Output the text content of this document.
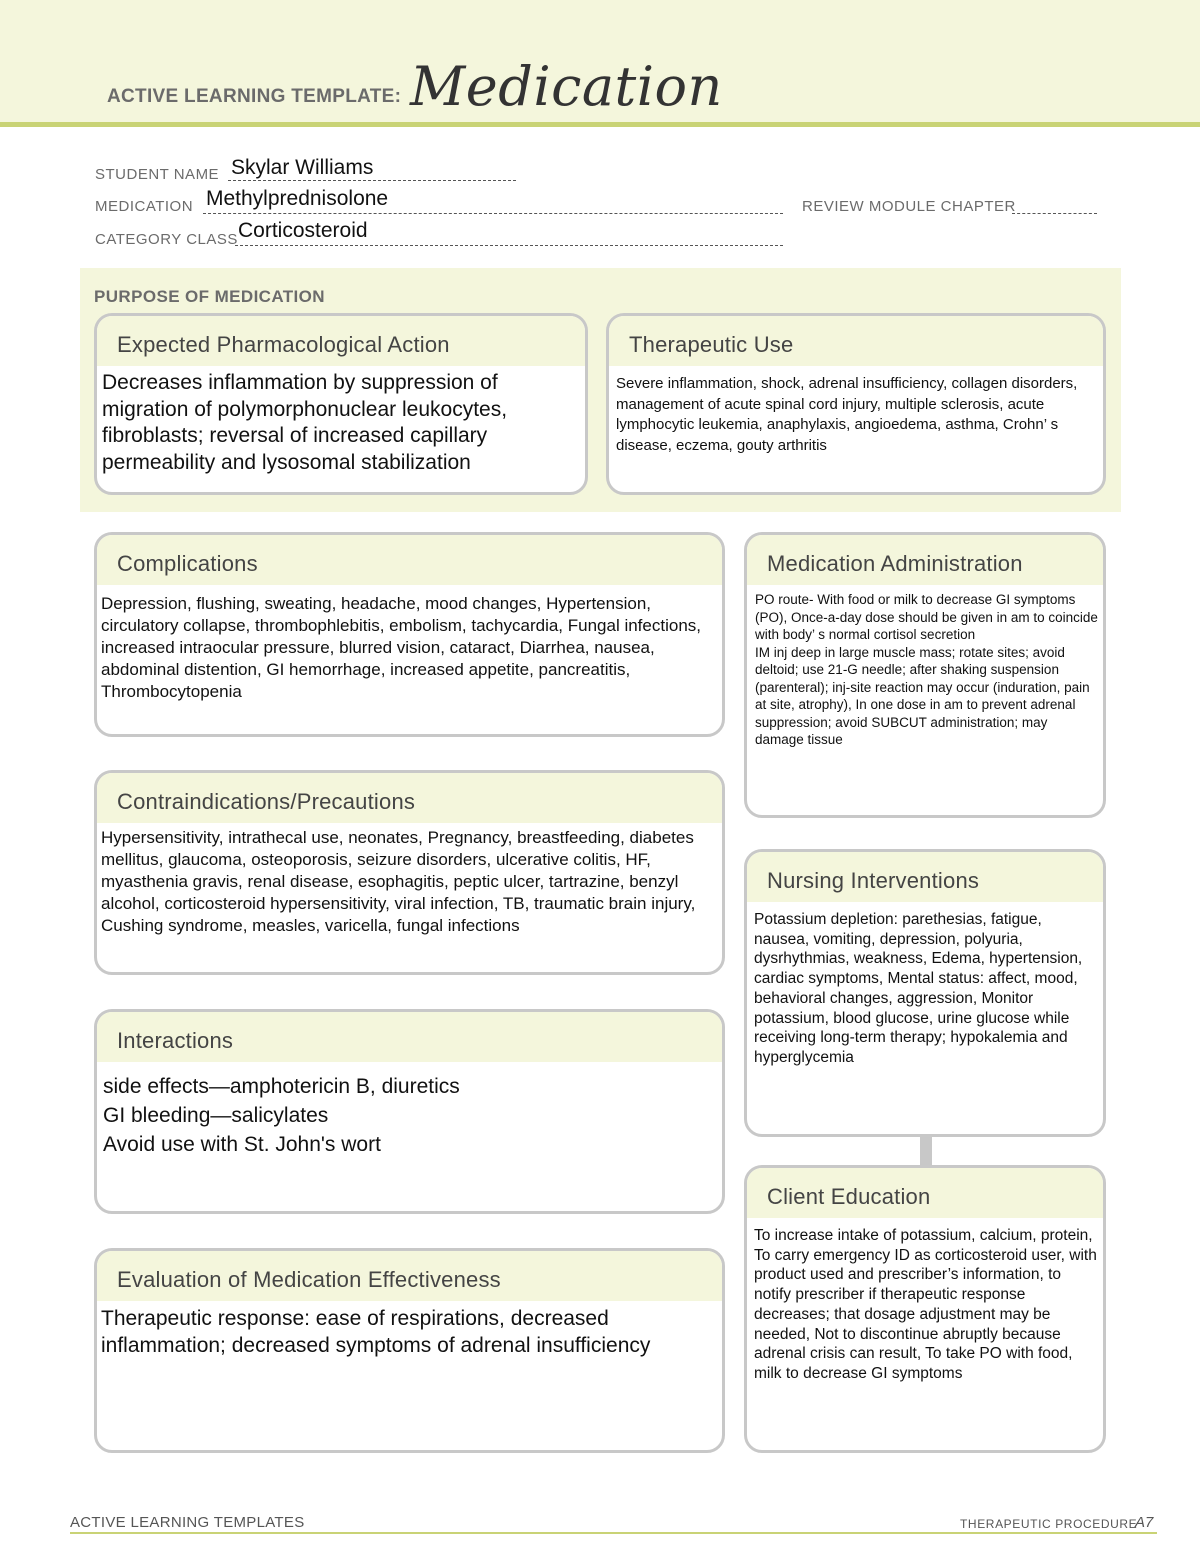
ACTIVE LEARNING TEMPLATE: Medication
STUDENT NAME Skylar Williams
MEDICATION Methylprednisolone	REVIEW MODULE CHAPTER
CATEGORY CLASS Corticosteroid
PURPOSE OF MEDICATION
Expected Pharmacological Action
Decreases inflammation by suppression of migration of polymorphonuclear leukocytes, fibroblasts; reversal of increased capillary permeability and lysosomal stabilization
Therapeutic Use
Severe inflammation, shock, adrenal insufficiency, collagen disorders, management of acute spinal cord injury, multiple sclerosis, acute lymphocytic leukemia, anaphylaxis, angioedema, asthma, Crohn’ s disease, eczema, gouty arthritis
Complications
Depression, flushing, sweating, headache, mood changes, Hypertension, circulatory collapse, thrombophlebitis, embolism, tachycardia, Fungal infections, increased intraocular pressure, blurred vision, cataract, Diarrhea, nausea, abdominal distention, GI hemorrhage, increased appetite, pancreatitis, Thrombocytopenia
Medication Administration
PO route- With food or milk to decrease GI symptoms (PO), Once-a-day dose should be given in am to coincide with body’ s normal cortisol secretion
IM inj deep in large muscle mass; rotate sites; avoid deltoid; use 21-G needle; after shaking suspension (parenteral); inj-site reaction may occur (induration, pain at site, atrophy), In one dose in am to prevent adrenal suppression; avoid SUBCUT administration; may damage tissue
Contraindications/Precautions
Hypersensitivity, intrathecal use, neonates, Pregnancy, breastfeeding, diabetes mellitus, glaucoma, osteoporosis, seizure disorders, ulcerative colitis, HF, myasthenia gravis, renal disease, esophagitis, peptic ulcer, tartrazine, benzyl alcohol, corticosteroid hypersensitivity, viral infection, TB, traumatic brain injury, Cushing syndrome, measles, varicella, fungal infections
Nursing Interventions
Potassium depletion: parethesias, fatigue, nausea, vomiting, depression, polyuria, dysrhythmias, weakness, Edema, hypertension, cardiac symptoms, Mental status: affect, mood, behavioral changes, aggression, Monitor potassium, blood glucose, urine glucose while receiving long-term therapy; hypokalemia and hyperglycemia
Interactions
side effects—amphotericin B, diuretics
GI bleeding—salicylates
Avoid use with St. John's wort
Client Education
To increase intake of potassium, calcium, protein, To carry emergency ID as corticosteroid user, with product used and prescriber’s information, to notify prescriber if therapeutic response decreases; that dosage adjustment may be needed, Not to discontinue abruptly because adrenal crisis can result, To take PO with food, milk to decrease GI symptoms
Evaluation of Medication Effectiveness
Therapeutic response: ease of respirations, decreased inflammation; decreased symptoms of adrenal insufficiency
ACTIVE LEARNING TEMPLATES	THERAPEUTIC PROCEDURE
A7
